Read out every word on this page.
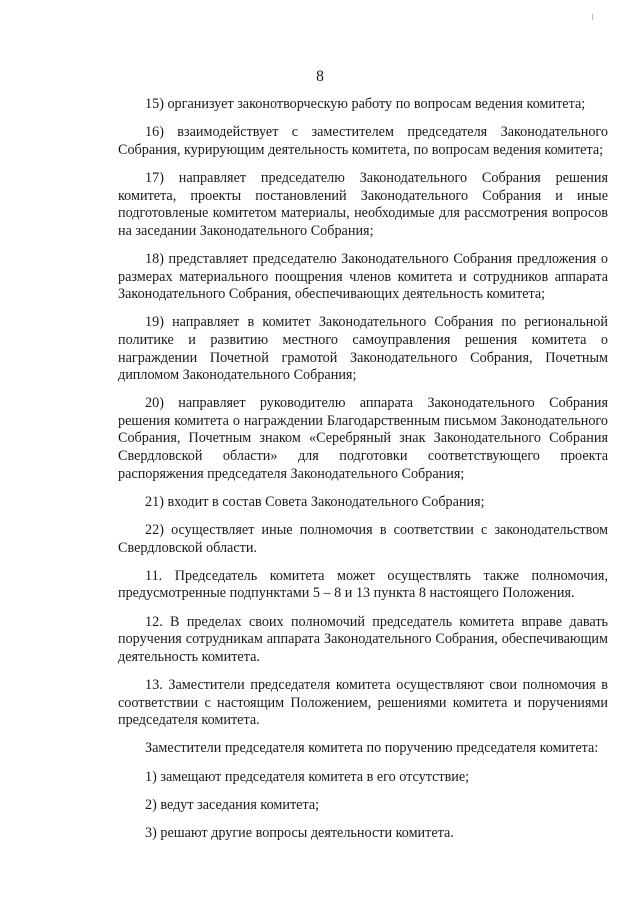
8

15) организует законотворческую работу по вопросам ведения комитета;

16) взаимодействует с заместителем председателя Законодательного Собрания, курирующим деятельность комитета, по вопросам ведения комитета;

17) направляет председателю Законодательного Собрания решения комитета, проекты постановлений Законодательного Собрания и иные подготовленые комитетом материалы, необходимые для рассмотрения вопросов на заседании Законодательного Собрания;

18) представляет председателю Законодательного Собрания предложения о размерах материального поощрения членов комитета и сотрудников аппарата Законодательного Собрания, обеспечивающих деятельность комитета;

19) направляет в комитет Законодательного Собрания по региональной политике и развитию местного самоуправления решения комитета о награждении Почетной грамотой Законодательного Собрания, Почетным дипломом Законодательного Собрания;

20) направляет руководителю аппарата Законодательного Собрания решения комитета о награждении Благодарственным письмом Законодательного Собрания, Почетным знаком «Серебряный знак Законодательного Собрания Свердловской области» для подготовки соответствующего проекта распоряжения председателя Законодательного Собрания;

21) входит в состав Совета Законодательного Собрания;

22) осуществляет иные полномочия в соответствии с законодательством Свердловской области.

11. Председатель комитета может осуществлять также полномочия, предусмотренные подпунктами 5 – 8 и 13 пункта 8 настоящего Положения.

12. В пределах своих полномочий председатель комитета вправе давать поручения сотрудникам аппарата Законодательного Собрания, обеспечивающим деятельность комитета.

13. Заместители председателя комитета осуществляют свои полномочия в соответствии с настоящим Положением, решениями комитета и поручениями председателя комитета.

Заместители председателя комитета по поручению председателя комитета:

1) замещают председателя комитета в его отсутствие;

2) ведут заседания комитета;

3) решают другие вопросы деятельности комитета.
